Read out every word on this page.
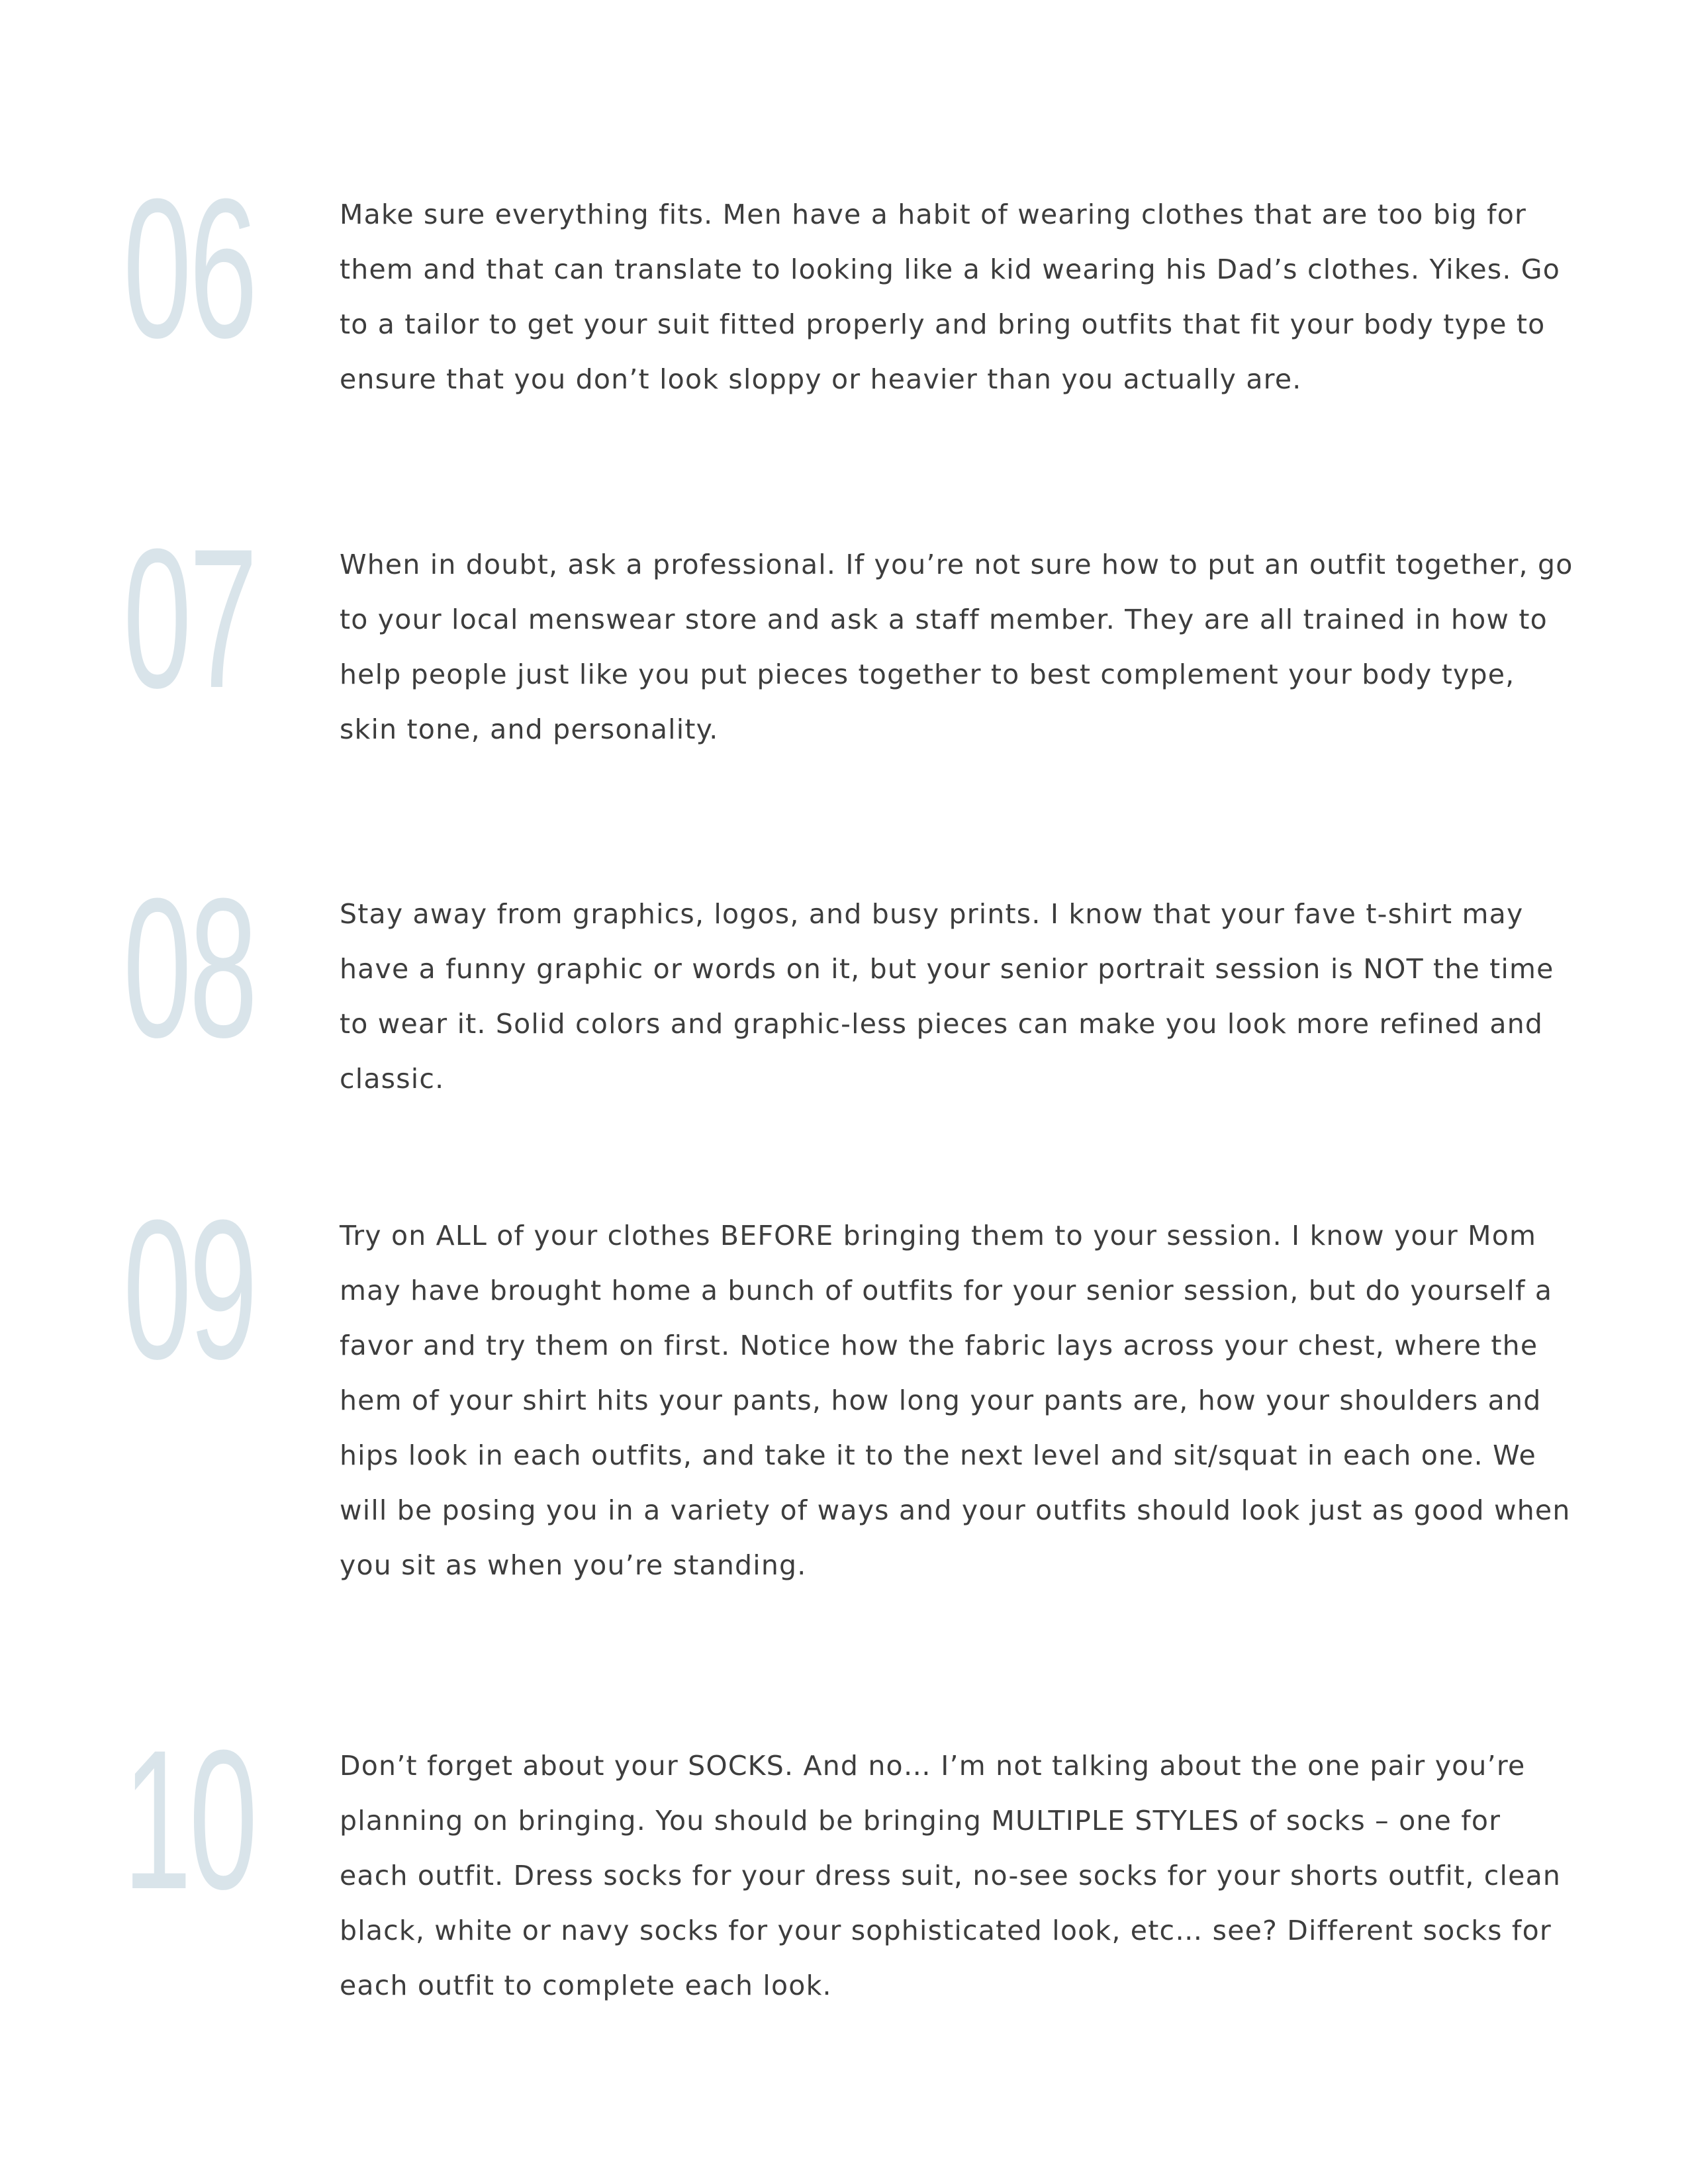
06	Make sure everything fits. Men have a habit of wearing clothes that are too big for them and that can translate to looking like a kid wearing his Dad’s clothes. Yikes. Go to a tailor to get your suit fitted properly and bring outfits that fit your body type to ensure that you don’t look sloppy or heavier than you actually are.

07	When in doubt, ask a professional. If you’re not sure how to put an outfit together, go to your local menswear store and ask a staff member. They are all trained in how to help people just like you put pieces together to best complement your body type, skin tone, and personality.

08	Stay away from graphics, logos, and busy prints. I know that your fave t-shirt may have a funny graphic or words on it, but your senior portrait session is NOT the time to wear it. Solid colors and graphic-less pieces can make you look more refined and classic.

09	Try on ALL of your clothes BEFORE bringing them to your session. I know your Mom may have brought home a bunch of outfits for your senior session, but do yourself a favor and try them on first. Notice how the fabric lays across your chest, where the hem of your shirt hits your pants, how long your pants are, how your shoulders and hips look in each outfits, and take it to the next level and sit/squat in each one. We will be posing you in a variety of ways and your outfits should look just as good when you sit as when you’re standing.

10	Don’t forget about your SOCKS. And no… I’m not talking about the one pair you’re planning on bringing. You should be bringing MULTIPLE STYLES of socks – one for each outfit. Dress socks for your dress suit, no-see socks for your shorts outfit, clean black, white or navy socks for your sophisticated look, etc… see? Different socks for each outfit to complete each look.
